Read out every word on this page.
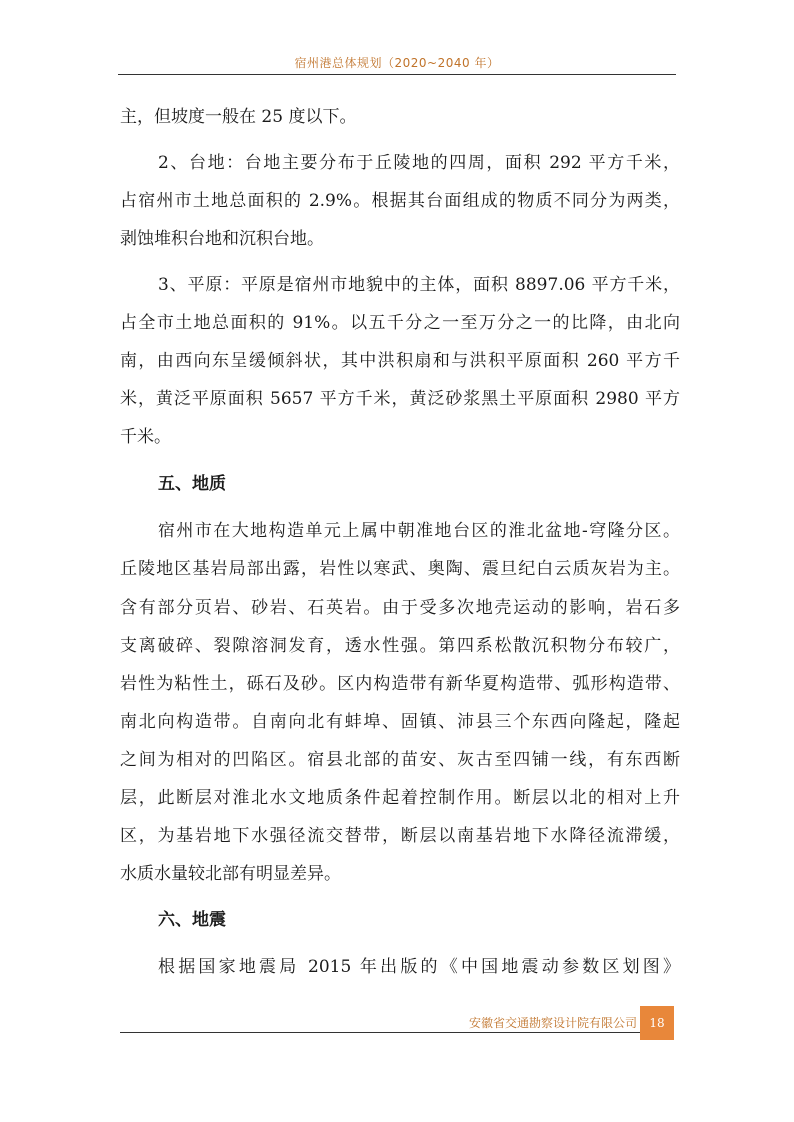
宿州港总体规划（2020~2040 年）
主，但坡度一般在 25 度以下。
2、台地：台地主要分布于丘陵地的四周，面积 292 平方千米，
占宿州市土地总面积的 2.9%。根据其台面组成的物质不同分为两类，
剥蚀堆积台地和沉积台地。
3、平原：平原是宿州市地貌中的主体，面积 8897.06 平方千米，
占全市土地总面积的 91%。以五千分之一至万分之一的比降，由北向
南，由西向东呈缓倾斜状，其中洪积扇和与洪积平原面积 260 平方千
米，黄泛平原面积 5657 平方千米，黄泛砂浆黑土平原面积 2980 平方
千米。
五、地质
宿州市在大地构造单元上属中朝准地台区的淮北盆地-穹隆分区。
丘陵地区基岩局部出露，岩性以寒武、奥陶、震旦纪白云质灰岩为主。
含有部分页岩、砂岩、石英岩。由于受多次地壳运动的影响，岩石多
支离破碎、裂隙溶洞发育，透水性强。第四系松散沉积物分布较广，
岩性为粘性土，砾石及砂。区内构造带有新华夏构造带、弧形构造带、
南北向构造带。自南向北有蚌埠、固镇、沛县三个东西向隆起，隆起
之间为相对的凹陷区。宿县北部的苗安、灰古至四铺一线，有东西断
层，此断层对淮北水文地质条件起着控制作用。断层以北的相对上升
区，为基岩地下水强径流交替带，断层以南基岩地下水降径流滞缓，
水质水量较北部有明显差异。
六、地震
根据国家地震局 2015 年出版的《中国地震动参数区划图》
安徽省交通勘察设计院有限公司	18
